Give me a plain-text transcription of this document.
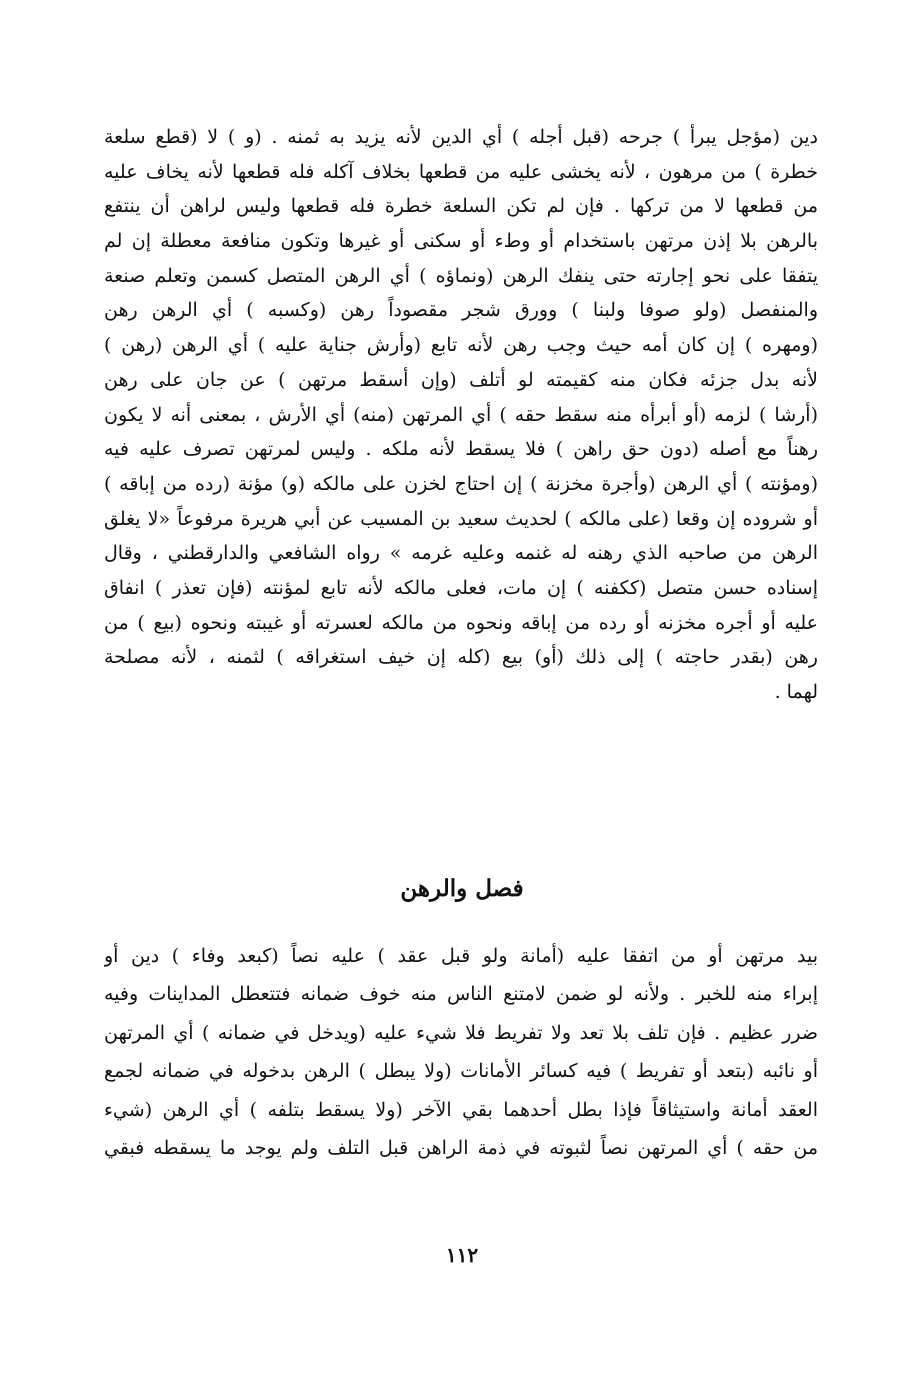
دين (مؤجل يبرأ ) جرحه (قبل أجله ) أي الدين لأنه يزيد به ثمنه . (و ) لا (قطع سلعة
خطرة ) من مرهون ، لأنه يخشى عليه من قطعها بخلاف آكله فله قطعها لأنه يخاف عليه
من قطعها لا من تركها . فإن لم تكن السلعة خطرة فله قطعها وليس لراهن أن ينتفع
بالرهن بلا إذن مرتهن باستخدام أو وطء أو سكنى أو غيرها وتكون منافعة معطلة إن لم
يتفقا على نحو إجارته حتى ينفك الرهن (ونماؤه ) أي الرهن المتصل كسمن وتعلم صنعة
والمنفصل (ولو صوفا ولبنا ) وورق شجر مقصوداً رهن (وكسبه ) أي الرهن رهن
(ومهره ) إن كان أمه حيث وجب رهن لأنه تابع (وأرش جناية عليه ) أي الرهن (رهن )
لأنه بدل جزئه فكان منه كقيمته لو أتلف (وإن أسقط مرتهن ) عن جان على رهن
(أرشا ) لزمه (أو أبرأه منه سقط حقه ) أي المرتهن (منه) أي الأرش ، بمعنى أنه لا يكون
رهناً مع أصله (دون حق راهن ) فلا يسقط لأنه ملكه . وليس لمرتهن تصرف عليه فيه
(ومؤنته ) أي الرهن (وأجرة مخزنة ) إن احتاج لخزن على مالكه (و) مؤنة (رده من إباقه )
أو شروده إن وقعا (على مالكه ) لحديث سعيد بن المسيب عن أبي هريرة مرفوعاً «لا يغلق
الرهن من صاحبه الذي رهنه له غنمه وعليه غرمه » رواه الشافعي والدارقطني ، وقال
إسناده حسن متصل (ككفنه ) إن مات، فعلى مالكه لأنه تابع لمؤنته (فإن تعذر ) انفاق
عليه أو أجره مخزنه أو رده من إباقه ونحوه من مالكه لعسرته أو غيبته ونحوه (بيع ) من
رهن (بقدر حاجته ) إلى ذلك (أو) بيع (كله إن خيف استغراقه ) لثمنه ، لأنه مصلحة
لهما .
فصل والرهن
بيد مرتهن أو من اتفقا عليه (أمانة ولو قبل عقد ) عليه نصاً (كبعد وفاء ) دين أو
إبراء منه للخبر . ولأنه لو ضمن لامتنع الناس منه خوف ضمانه فتتعطل المداينات وفيه
ضرر عظيم . فإن تلف بلا تعد ولا تفريط فلا شيء عليه (ويدخل في ضمانه ) أي المرتهن
أو نائبه (بتعد أو تفريط ) فيه كسائر الأمانات (ولا يبطل ) الرهن بدخوله في ضمانه لجمع
العقد أمانة واستيثاقاً فإذا بطل أحدهما بقي الآخر (ولا يسقط بتلفه ) أي الرهن (شيء
من حقه ) أي المرتهن نصاً لثبوته في ذمة الراهن قبل التلف ولم يوجد ما يسقطه فبقي
١١٢
